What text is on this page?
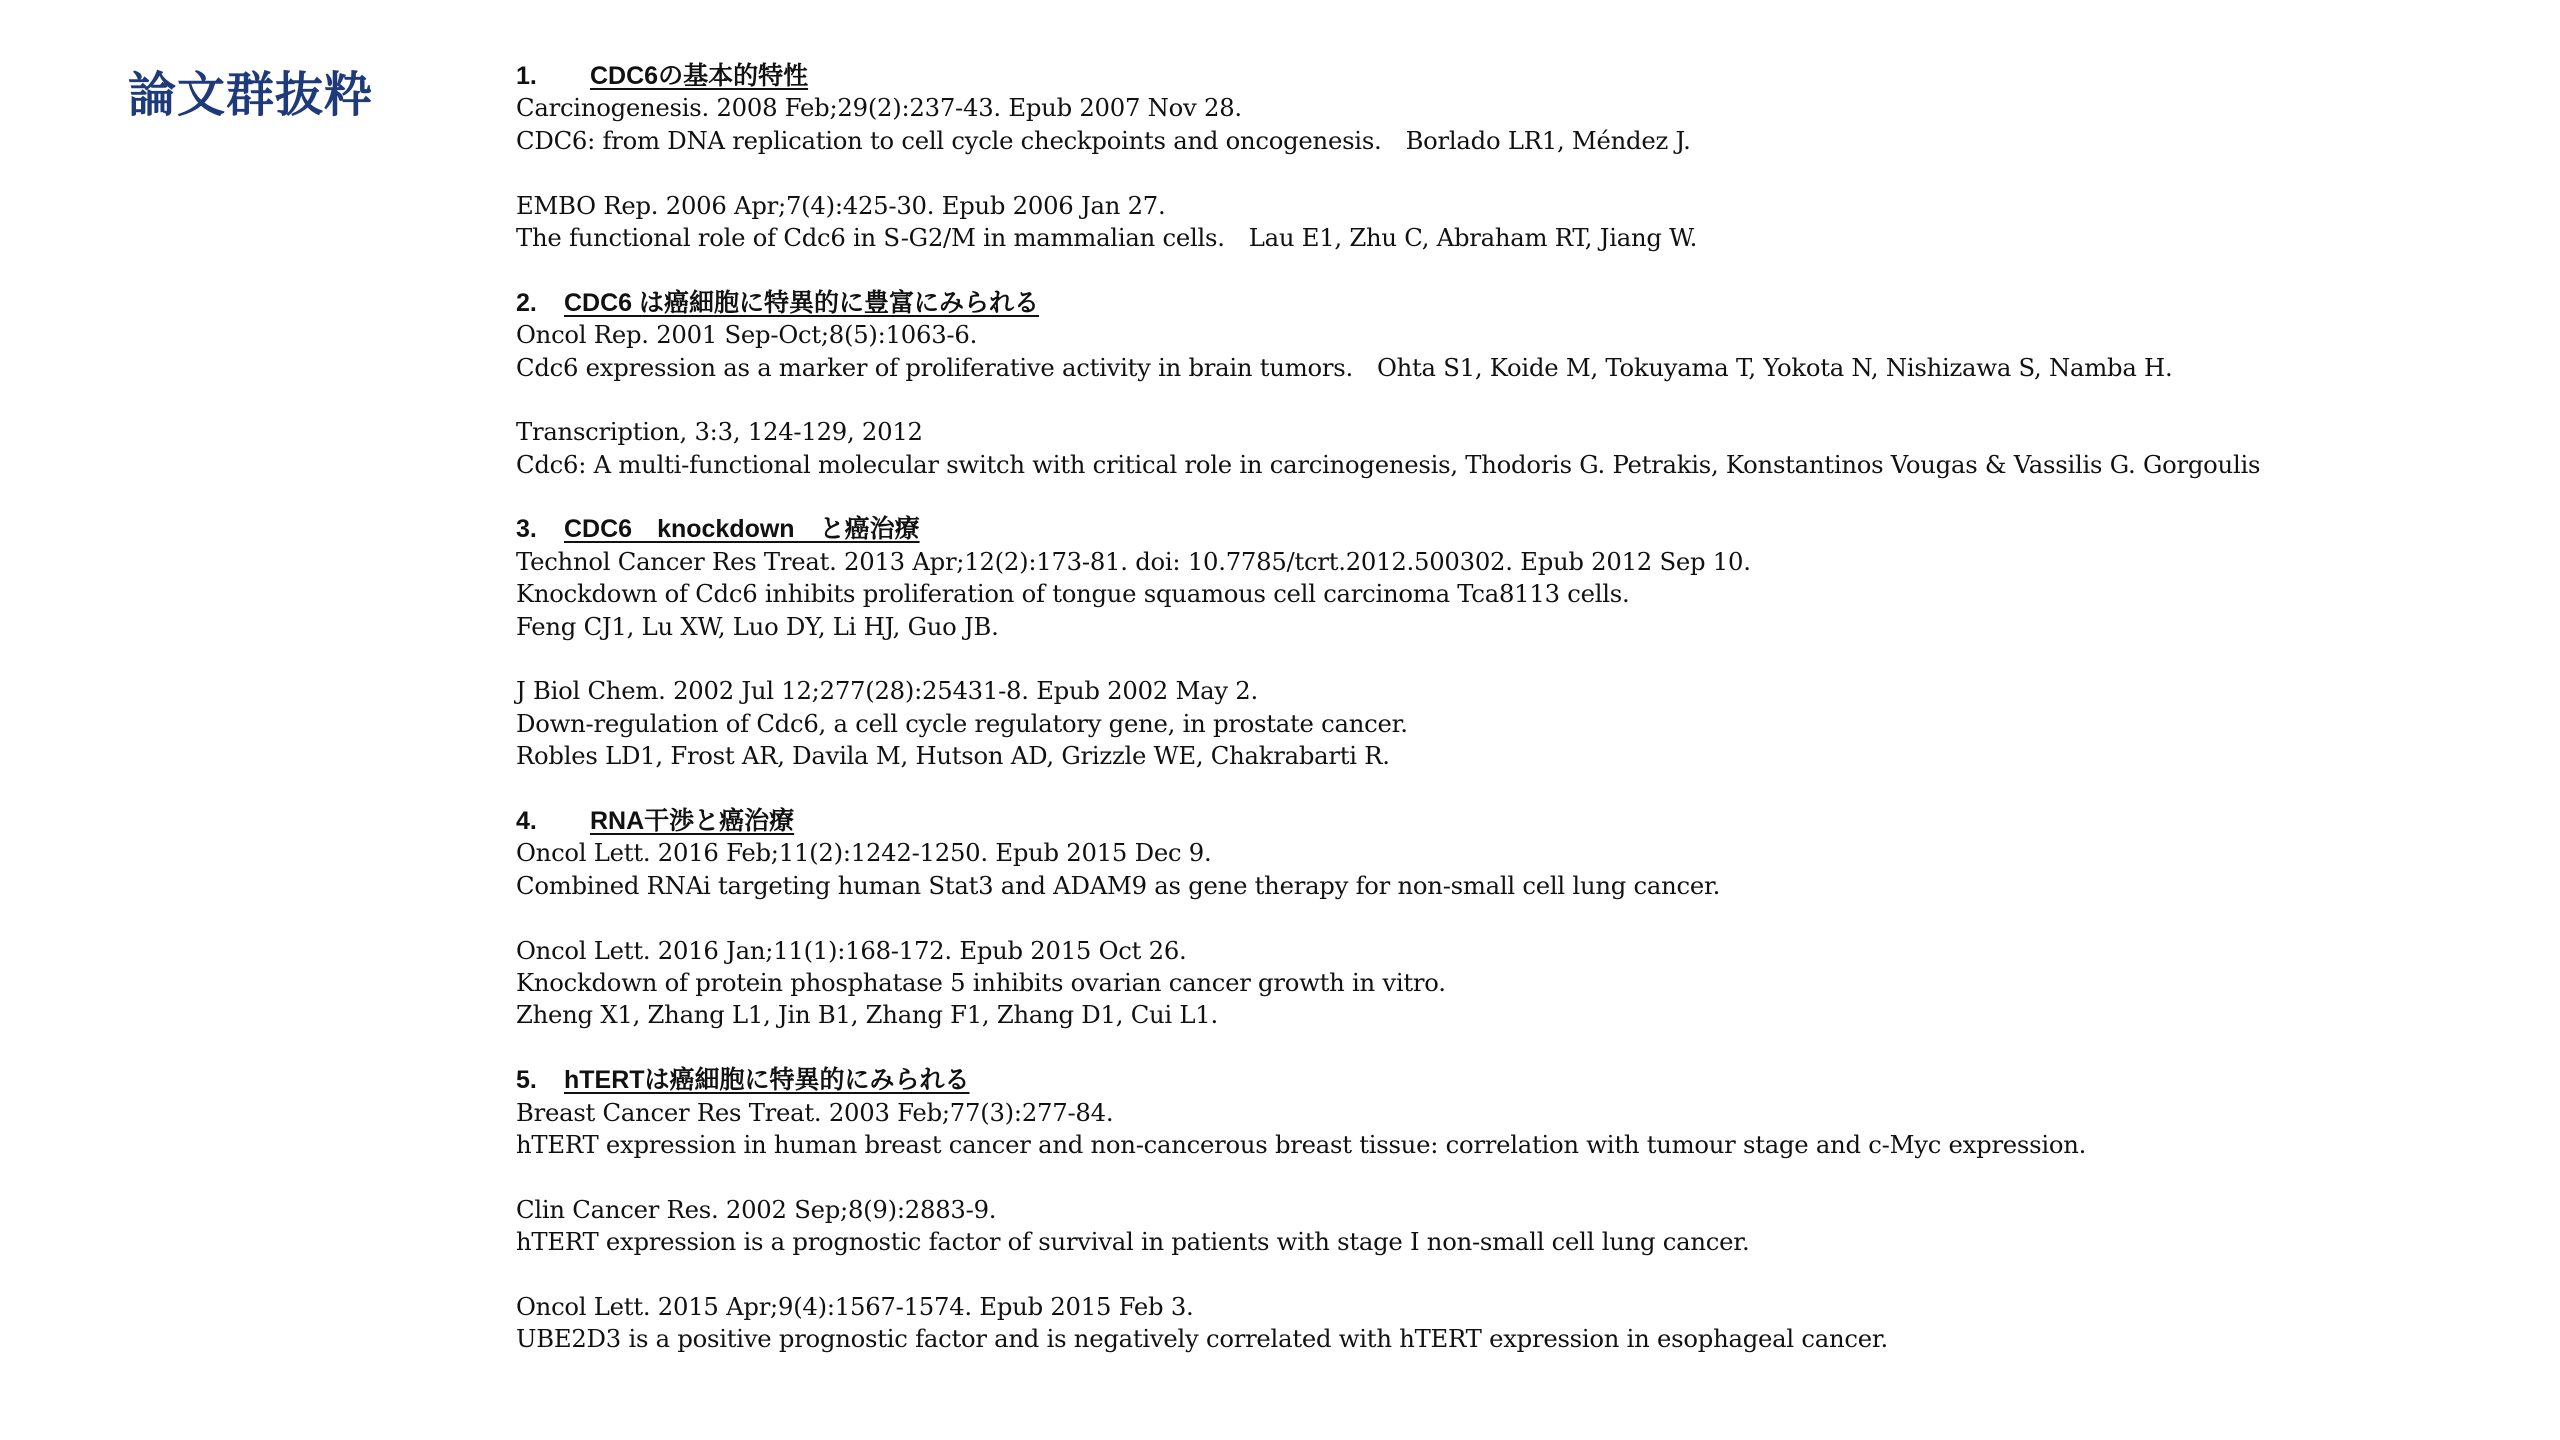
論文群抜粋	1. CDC6の基本的特性
Carcinogenesis. 2008 Feb;29(2):237-43. Epub 2007 Nov 28.
CDC6: from DNA replication to cell cycle checkpoints and oncogenesis.　Borlado LR1, Méndez J.
EMBO Rep. 2006 Apr;7(4):425-30. Epub 2006 Jan 27.
The functional role of Cdc6 in S-G2/M in mammalian cells.　Lau E1, Zhu C, Abraham RT, Jiang W.
2. CDC6 は癌細胞に特異的に豊富にみられる
Oncol Rep. 2001 Sep-Oct;8(5):1063-6.
Cdc6 expression as a marker of proliferative activity in brain tumors.　Ohta S1, Koide M, Tokuyama T, Yokota N, Nishizawa S, Namba H.
Transcription, 3:3, 124-129, 2012
Cdc6: A multi-functional molecular switch with critical role in carcinogenesis, Thodoris G. Petrakis, Konstantinos Vougas & Vassilis G. Gorgoulis
3. CDC6　knockdown　と癌治療
Technol Cancer Res Treat. 2013 Apr;12(2):173-81. doi: 10.7785/tcrt.2012.500302. Epub 2012 Sep 10.
Knockdown of Cdc6 inhibits proliferation of tongue squamous cell carcinoma Tca8113 cells.
Feng CJ1, Lu XW, Luo DY, Li HJ, Guo JB.
J Biol Chem. 2002 Jul 12;277(28):25431-8. Epub 2002 May 2.
Down-regulation of Cdc6, a cell cycle regulatory gene, in prostate cancer.
Robles LD1, Frost AR, Davila M, Hutson AD, Grizzle WE, Chakrabarti R.
4. RNA干渉と癌治療
Oncol Lett. 2016 Feb;11(2):1242-1250. Epub 2015 Dec 9.
Combined RNAi targeting human Stat3 and ADAM9 as gene therapy for non-small cell lung cancer.
Oncol Lett. 2016 Jan;11(1):168-172. Epub 2015 Oct 26.
Knockdown of protein phosphatase 5 inhibits ovarian cancer growth in vitro.
Zheng X1, Zhang L1, Jin B1, Zhang F1, Zhang D1, Cui L1.
5. hTERTは癌細胞に特異的にみられる
Breast Cancer Res Treat. 2003 Feb;77(3):277-84.
hTERT expression in human breast cancer and non-cancerous breast tissue: correlation with tumour stage and c-Myc expression.
Clin Cancer Res. 2002 Sep;8(9):2883-9.
hTERT expression is a prognostic factor of survival in patients with stage I non-small cell lung cancer.
Oncol Lett. 2015 Apr;9(4):1567-1574. Epub 2015 Feb 3.
UBE2D3 is a positive prognostic factor and is negatively correlated with hTERT expression in esophageal cancer.
